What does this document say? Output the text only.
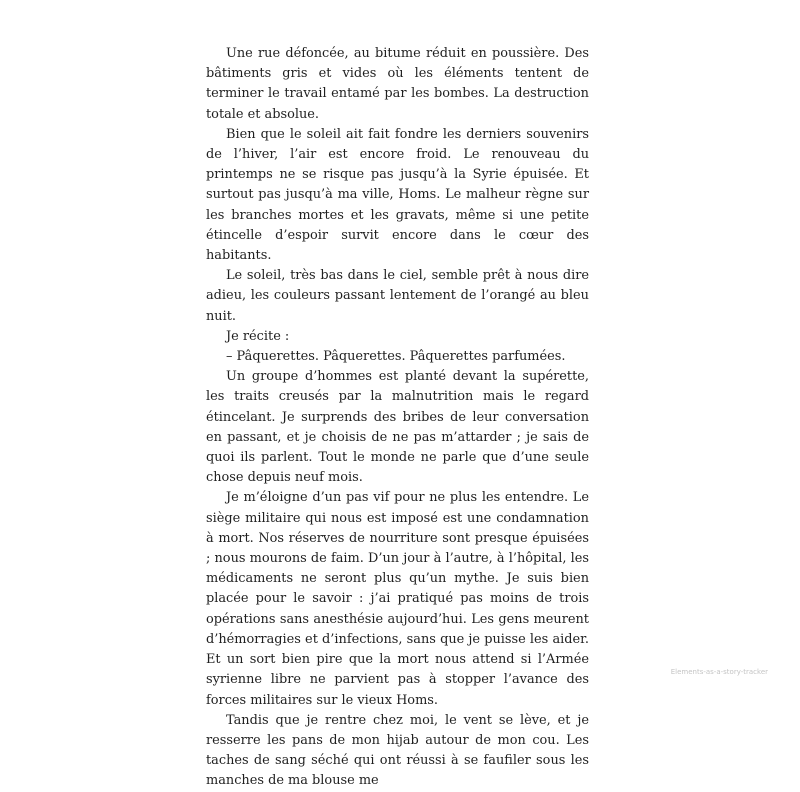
Une rue défoncée, au bitume réduit en poussière. Des bâtiments gris et vides où les éléments tentent de terminer le travail entamé par les bombes. La destruction totale et absolue.

Bien que le soleil ait fait fondre les derniers souvenirs de l’hiver, l’air est encore froid. Le renouveau du printemps ne se risque pas jusqu’à la Syrie épuisée. Et surtout pas jusqu’à ma ville, Homs. Le malheur règne sur les branches mortes et les gravats, même si une petite étincelle d’espoir survit encore dans le cœur des habitants.

Le soleil, très bas dans le ciel, semble prêt à nous dire adieu, les couleurs passant lentement de l’orangé au bleu nuit.

Je récite :

– Pâquerettes. Pâquerettes. Pâquerettes parfumées.

Un groupe d’hommes est planté devant la supérette, les traits creusés par la malnutrition mais le regard étincelant. Je surprends des bribes de leur conversation en passant, et je choisis de ne pas m’attarder ; je sais de quoi ils parlent. Tout le monde ne parle que d’une seule chose depuis neuf mois.

Je m’éloigne d’un pas vif pour ne plus les entendre. Le siège militaire qui nous est imposé est une condamnation à mort. Nos réserves de nourriture sont presque épuisées ; nous mourons de faim. D’un jour à l’autre, à l’hôpital, les médicaments ne seront plus qu’un mythe. Je suis bien placée pour le savoir : j’ai pratiqué pas moins de trois opérations sans anesthésie aujourd’hui. Les gens meurent d’hémorragies et d’infections, sans que je puisse les aider. Et un sort bien pire que la mort nous attend si l’Armée syrienne libre ne parvient pas à stopper l’avance des forces militaires sur le vieux Homs.

Tandis que je rentre chez moi, le vent se lève, et je resserre les pans de mon hijab autour de mon cou. Les taches de sang séché qui ont réussi à se faufiler sous les manches de ma blouse me

Elements-as-a-story-tracker
